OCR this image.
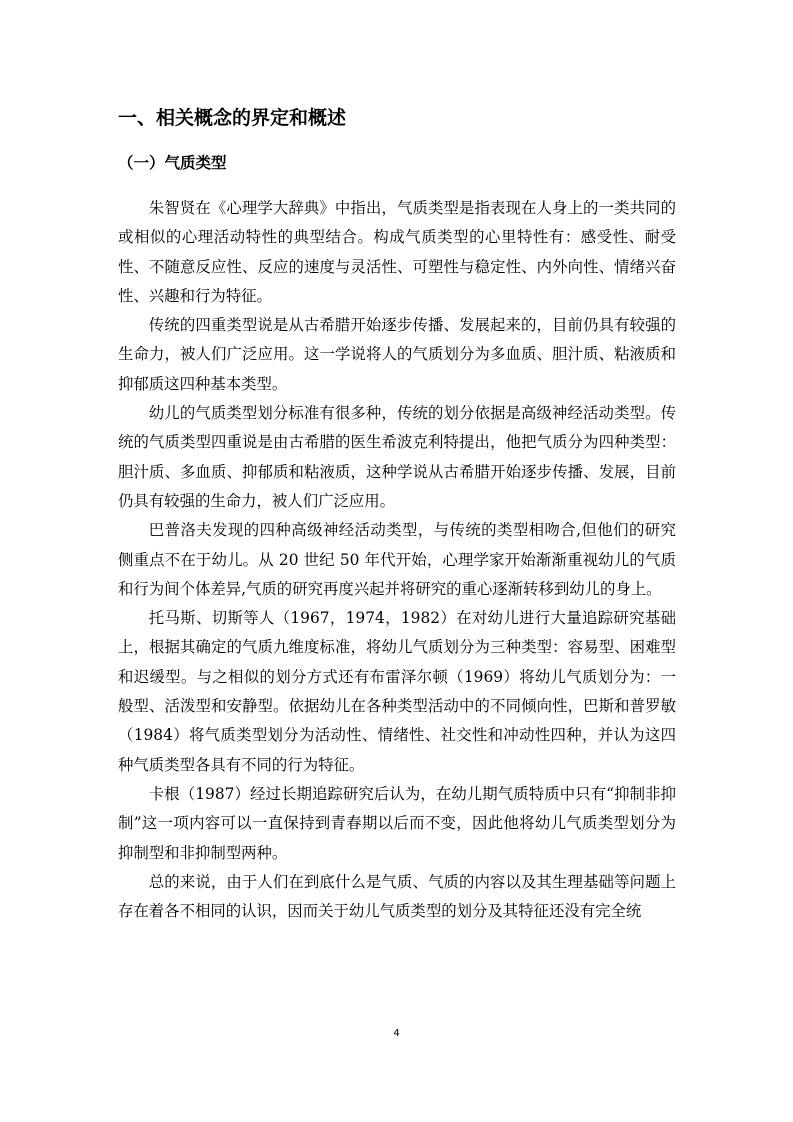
一、相关概念的界定和概述
（一）气质类型

朱智贤在《心理学大辞典》中指出，气质类型是指表现在人身上的一类共同的或相似的心理活动特性的典型结合。构成气质类型的心里特性有：感受性、耐受性、不随意反应性、反应的速度与灵活性、可塑性与稳定性、内外向性、情绪兴奋性、兴趣和行为特征。

传统的四重类型说是从古希腊开始逐步传播、发展起来的，目前仍具有较强的生命力，被人们广泛应用。这一学说将人的气质划分为多血质、胆汁质、粘液质和抑郁质这四种基本类型。

幼儿的气质类型划分标准有很多种，传统的划分依据是高级神经活动类型。传统的气质类型四重说是由古希腊的医生希波克利特提出，他把气质分为四种类型：胆汁质、多血质、抑郁质和粘液质，这种学说从古希腊开始逐步传播、发展，目前仍具有较强的生命力，被人们广泛应用。

巴普洛夫发现的四种高级神经活动类型，与传统的类型相吻合,但他们的研究侧重点不在于幼儿。从 20 世纪 50 年代开始，心理学家开始渐渐重视幼儿的气质和行为间个体差异,气质的研究再度兴起并将研究的重心逐渐转移到幼儿的身上。

托马斯、切斯等人（1967，1974，1982）在对幼儿进行大量追踪研究基础上，根据其确定的气质九维度标准，将幼儿气质划分为三种类型：容易型、困难型和迟缓型。与之相似的划分方式还有布雷泽尔顿（1969）将幼儿气质划分为：一般型、活泼型和安静型。依据幼儿在各种类型活动中的不同倾向性，巴斯和普罗敏（1984）将气质类型划分为活动性、情绪性、社交性和冲动性四种，并认为这四种气质类型各具有不同的行为特征。

卡根（1987）经过长期追踪研究后认为，在幼儿期气质特质中只有“抑制非抑制”这一项内容可以一直保持到青春期以后而不变，因此他将幼儿气质类型划分为抑制型和非抑制型两种。

总的来说，由于人们在到底什么是气质、气质的内容以及其生理基础等问题上存在着各不相同的认识，因而关于幼儿气质类型的划分及其特征还没有完全统

4
